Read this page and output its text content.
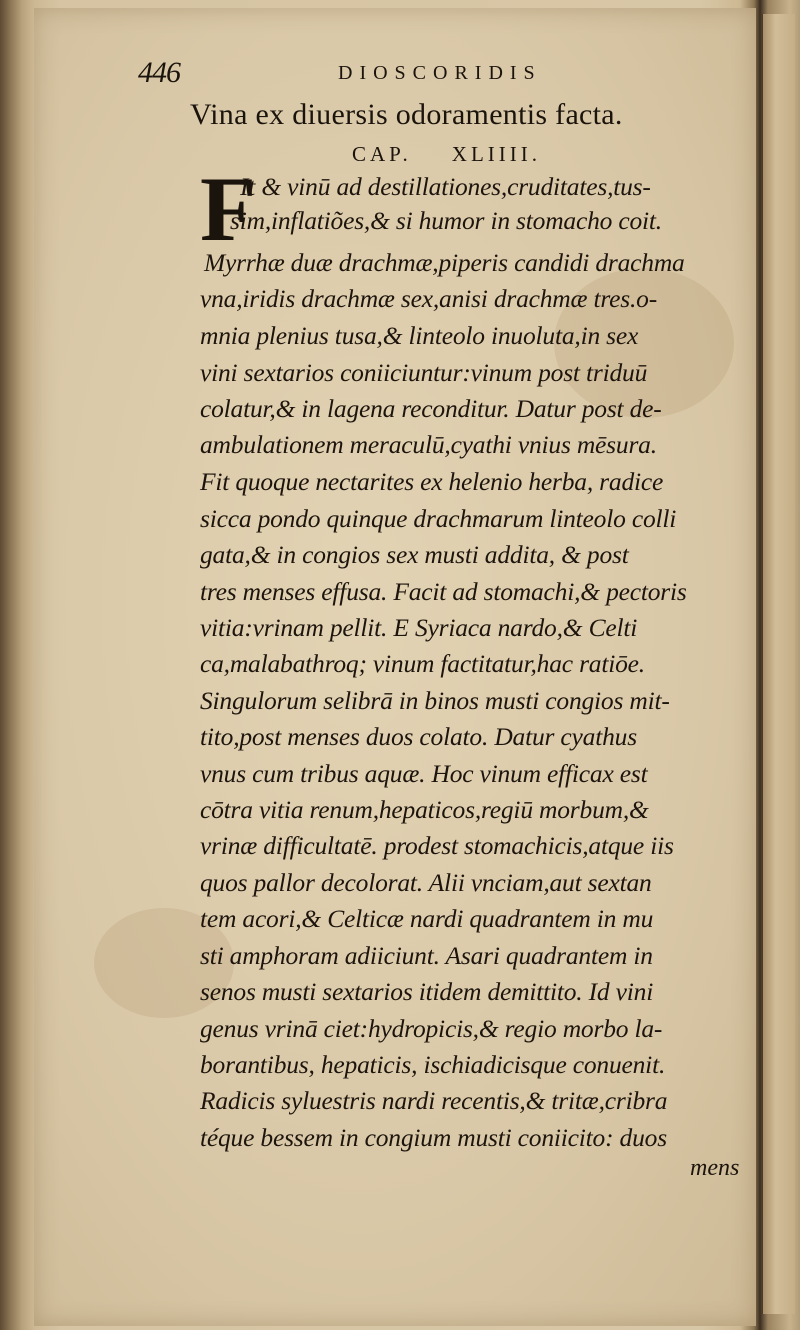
446	DIOSCORIDIS
Vina ex diuersis odoramentis facta.
CAP. XLIIII.
F
It & vinū ad destillationes,cruditates,tus-
sim,inflatiões,& si humor in stomacho coit.
Myrrhæ duæ drachmæ,piperis candidi drachma
vna,iridis drachmæ sex,anisi drachmæ tres.o-
mnia plenius tusa,& linteolo inuoluta,in sex
vini sextarios coniiciuntur:vinum post triduū
colatur,& in lagena reconditur. Datur post de-
ambulationem meraculū,cyathi vnius mēsura.
Fit quoque nectarites ex helenio herba, radice
sicca pondo quinque drachmarum linteolo colli
gata,& in congios sex musti addita, & post
tres menses effusa. Facit ad stomachi,& pectoris
vitia:vrinam pellit. E Syriaca nardo,& Celti
ca,malabathroq; vinum factitatur,hac ratiōe.
Singulorum selibrā in binos musti congios mit-
tito,post menses duos colato. Datur cyathus
vnus cum tribus aquæ. Hoc vinum efficax est
cōtra vitia renum,hepaticos,regiū morbum,&
vrinæ difficultatē. prodest stomachicis,atque iis
quos pallor decolorat. Alii vnciam,aut sextan
tem acori,& Celticæ nardi quadrantem in mu
sti amphoram adiiciunt. Asari quadrantem in
senos musti sextarios itidem demittito. Id vini
genus vrinā ciet:hydropicis,& regio morbo la-
borantibus, hepaticis, ischiadicisque conuenit.
Radicis syluestris nardi recentis,& tritæ,cribra
téque bessem in congium musti coniicito: duos
mens
